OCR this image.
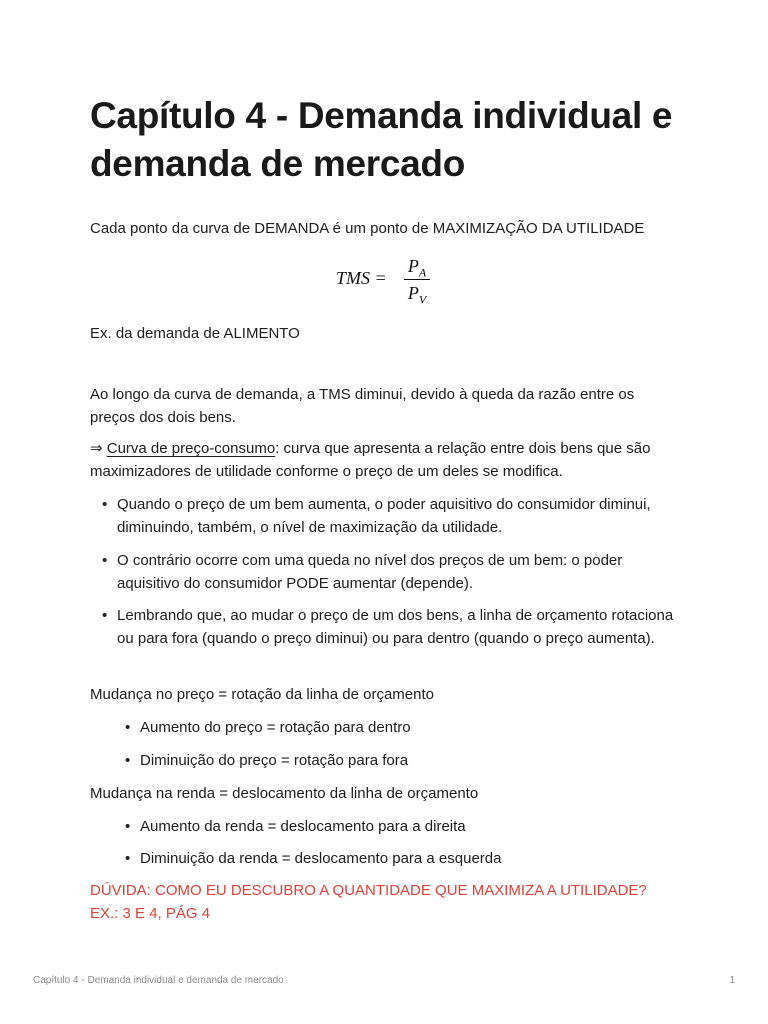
Capítulo 4 - Demanda individual e demanda de mercado

Cada ponto da curva de DEMANDA é um ponto de MAXIMIZAÇÃO DA UTILIDADE

TMS =
$P_A$
$P_V$

Ex. da demanda de ALIMENTO

Ao longo da curva de demanda, a TMS diminui, devido à queda da razão entre os preços dos dois bens.

⇒ Curva de preço-consumo: curva que apresenta a relação entre dois bens que são maximizadores de utilidade conforme o preço de um deles se modifica.

• Quando o preço de um bem aumenta, o poder aquisitivo do consumidor diminui, diminuindo, também, o nível de maximização da utilidade.
• O contrário ocorre com uma queda no nível dos preços de um bem: o poder aquisitivo do consumidor PODE aumentar (depende).
• Lembrando que, ao mudar o preço de um dos bens, a linha de orçamento rotaciona ou para fora (quando o preço diminui) ou para dentro (quando o preço aumenta).

Mudança no preço = rotação da linha de orçamento

• Aumento do preço = rotação para dentro
• Diminuição do preço = rotação para fora

Mudança na renda = deslocamento da linha de orçamento

• Aumento da renda = deslocamento para a direita
• Diminuição da renda = deslocamento para a esquerda

DÚVIDA: COMO EU DESCUBRO A QUANTIDADE QUE MAXIMIZA A UTILIDADE?

EX.: 3 E 4, PÁG 4

Capítulo 4 - Demanda individual e demanda de mercado	1
